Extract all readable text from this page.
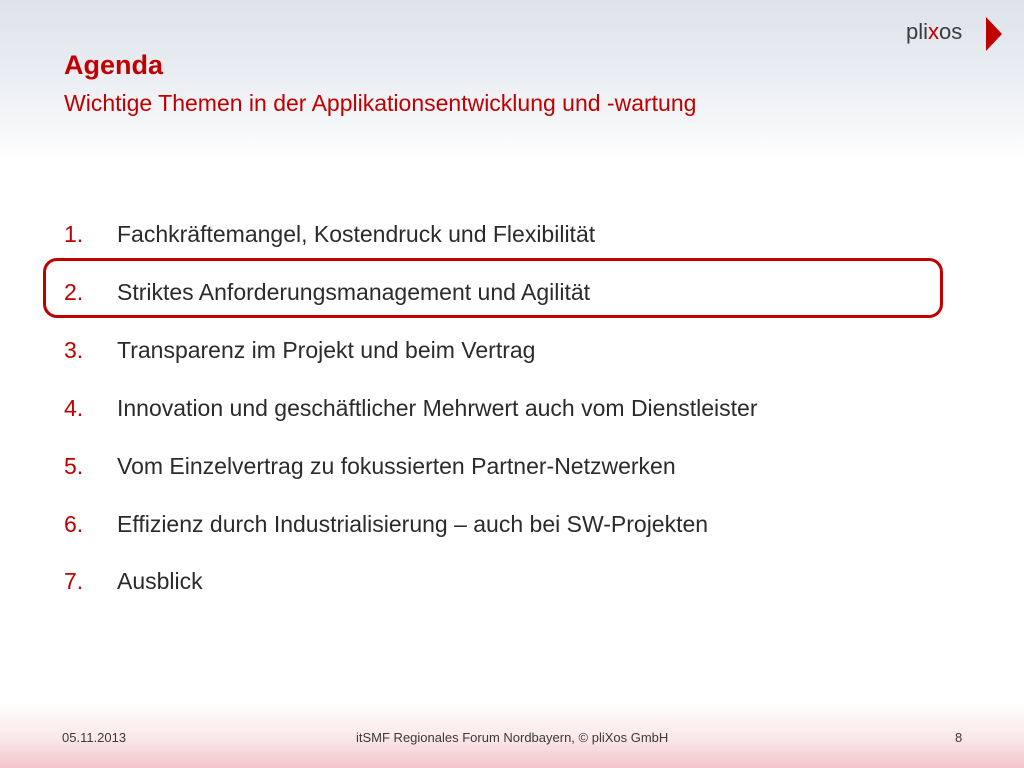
Agenda
Wichtige Themen in der Applikationsentwicklung und -wartung
plixos
1. Fachkräftemangel, Kostendruck und Flexibilität
2. Striktes Anforderungsmanagement und Agilität
3. Transparenz im Projekt und beim Vertrag
4. Innovation und geschäftlicher Mehrwert auch vom Dienstleister
5. Vom Einzelvertrag zu fokussierten Partner-Netzwerken
6. Effizienz durch Industrialisierung – auch bei SW-Projekten
7. Ausblick
05.11.2013	itSMF Regionales Forum Nordbayern, © pliXos GmbH	8
